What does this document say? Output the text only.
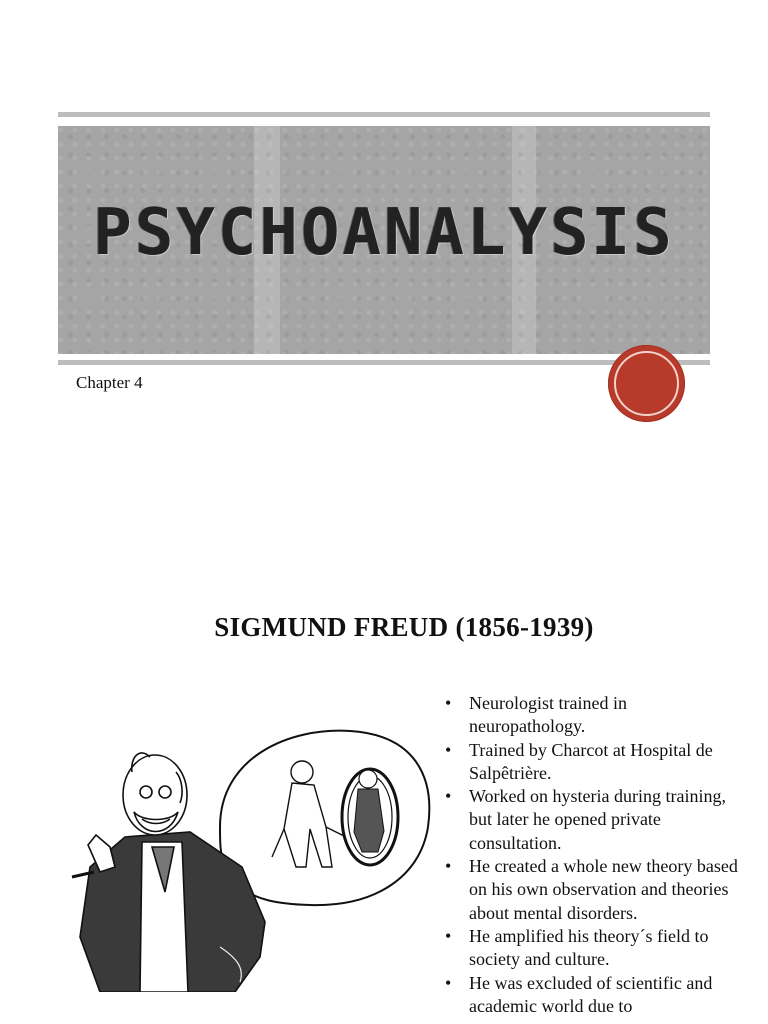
PSYCHOANALYSIS
Chapter 4
SIGMUND FREUD (1856-1939)
• Neurologist trained in neuropathology.
• Trained by Charcot at Hospital de Salpêtrière.
• Worked on hysteria during training, but later he opened private consultation.
• He created a whole new theory based on his own observation and theories about mental disorders.
• He amplified his theory´s field to society and culture.
• He was excluded of scientific and academic world due to
